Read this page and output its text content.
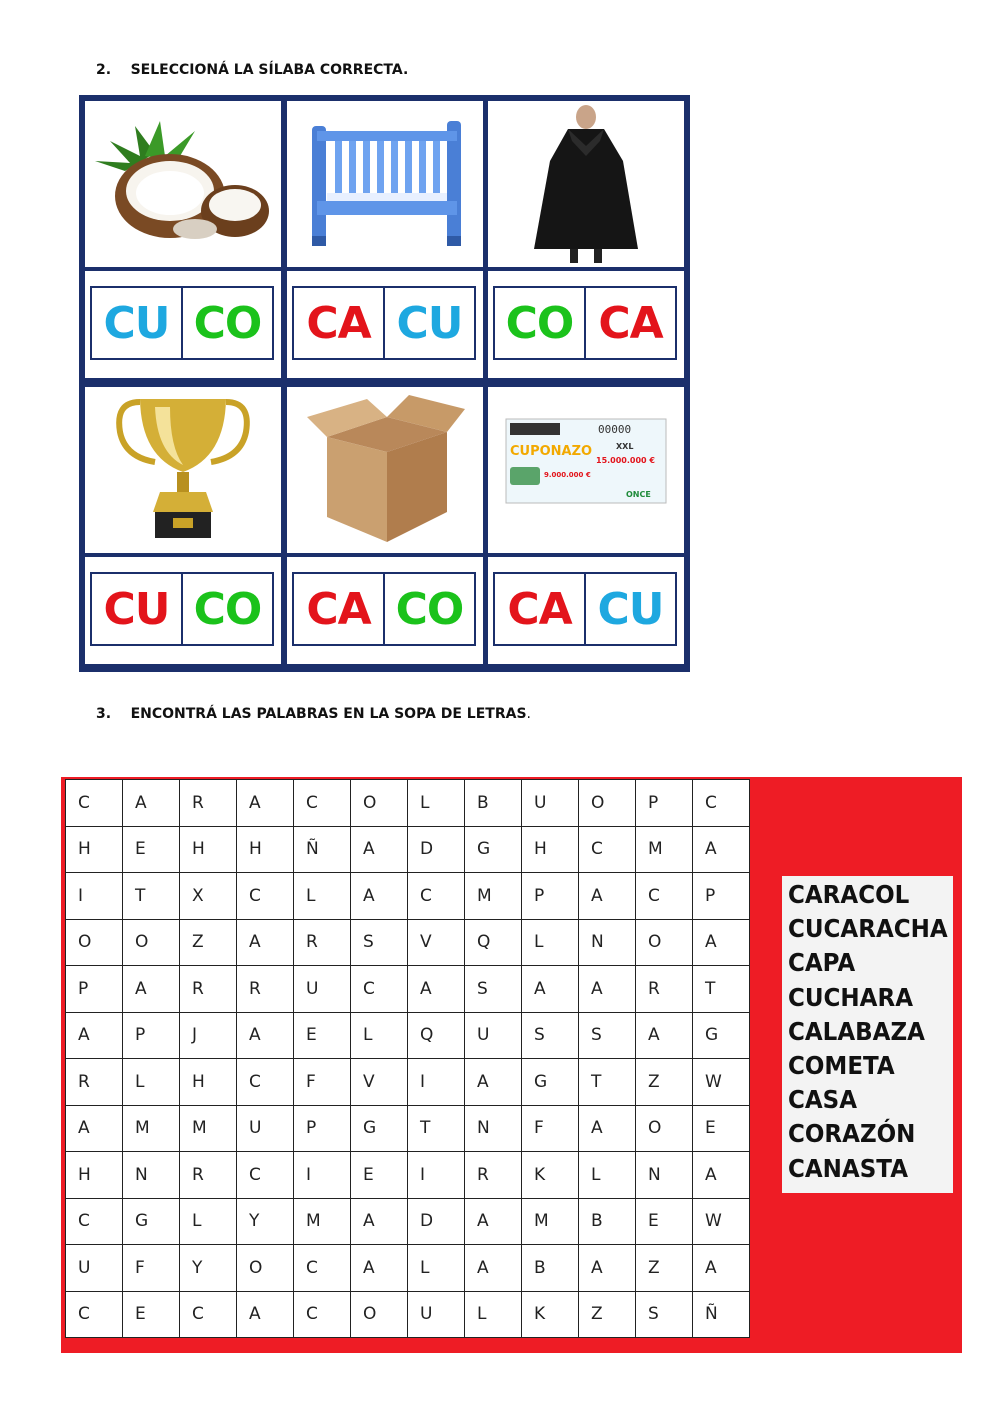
2. SELECCIONÁ LA SÍLABA CORRECTA.
CU CO
CU CO
CA CU
CA CO
CO CA
00000
CUPONAZO	XXL
15.000.000 €
9.000.000 €
ONCE
CA CU
3. ENCONTRÁ LAS PALABRAS EN LA SOPA DE LETRAS.
C	A	R	A	C	O	L	B	U	O	P	C
H	E	H	H	Ñ	A	D	G	H	C	M	A
I	T	X	C	L	A	C	M	P	A	C	P
O	O	Z	A	R	S	V	Q	L	N	O	A
P	A	R	R	U	C	A	S	A	A	R	T
A	P	J	A	E	L	Q	U	S	S	A	G
R	L	H	C	F	V	I	A	G	T	Z	W
A	M	M	U	P	G	T	N	F	A	O	E
H	N	R	C	I	E	I	R	K	L	N	A
C	G	L	Y	M	A	D	A	M	B	E	W
U	F	Y	O	C	A	L	A	B	A	Z	A
C	E	C	A	C	O	U	L	K	Z	S	Ñ
CARACOL
CUCARACHA
CAPA
CUCHARA
CALABAZA
COMETA
CASA
CORAZÓN
CANASTA
